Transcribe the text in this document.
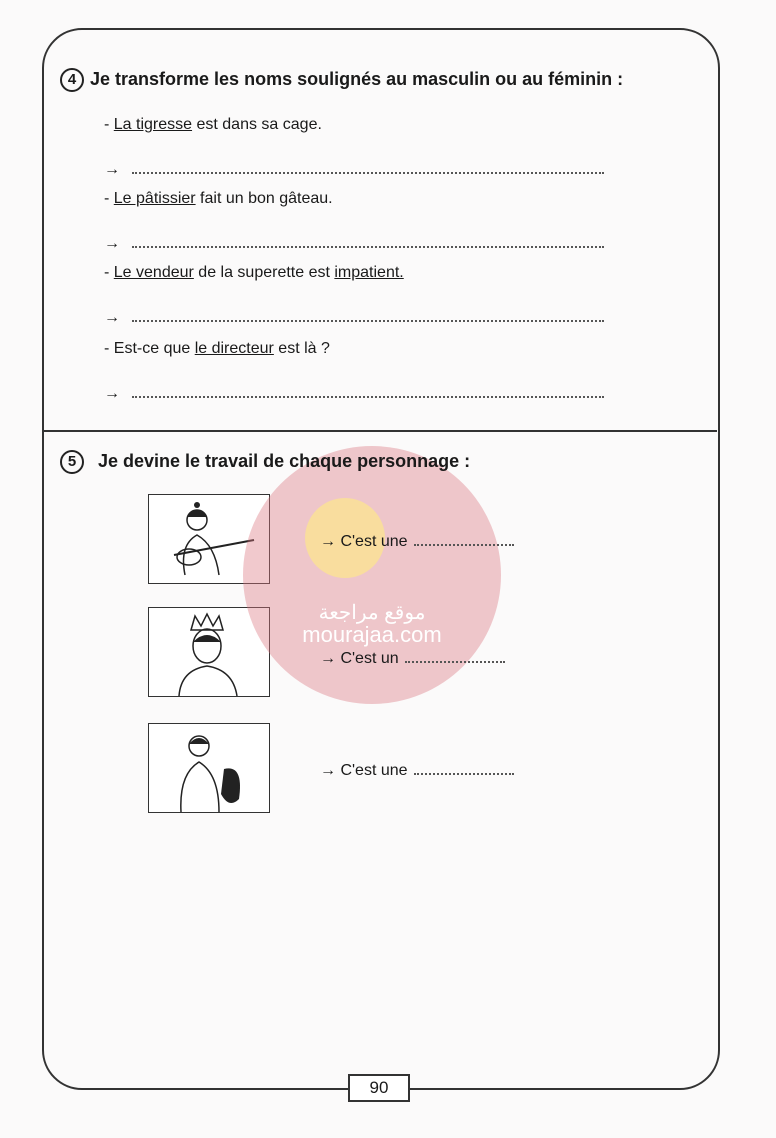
4 Je transforme les noms soulignés au masculin ou au féminin :
- La tigresse est dans sa cage.
→
- Le pâtissier fait un bon gâteau.
→
- Le vendeur de la superette est impatient.
→
- Est-ce que le directeur est là ?
→
5 Je devine le travail de chaque personnage :
→ C'est une
→ C'est un
→ C'est une
موقع مراجعة
mourajaa.com
90
